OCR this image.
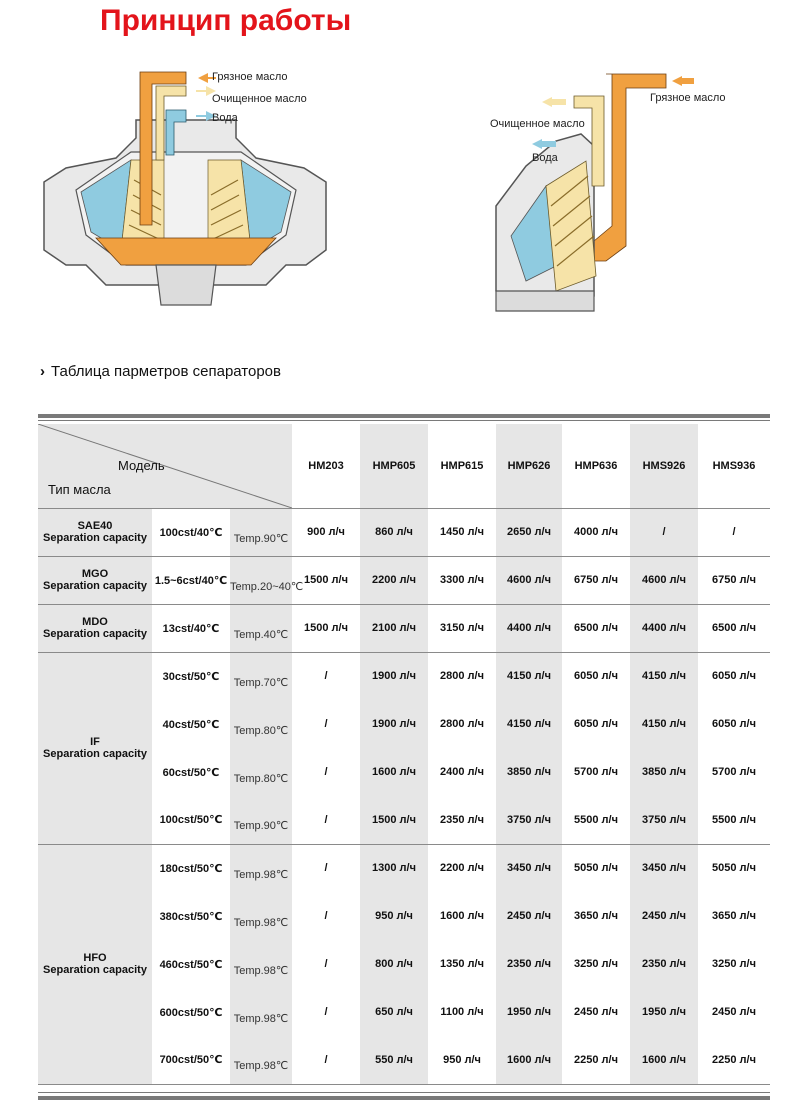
Принцип работы
Грязное масло
Очищенное масло
Вода
Грязное масло
Очищенное масло
Вода
› Таблица парметров сепараторов
Модель
Тип масла			HM203	HMP605	HMP615	HMP626	HMP636	HMS926	HMS936

SAE40
Separation capacity	100cst/40℃	Temp.90℃	900 л/ч	860 л/ч	1450 л/ч	2650 л/ч	4000 л/ч	/	/

MGO
Separation capacity	1.5~6cst/40℃	Temp.20~40℃	1500 л/ч	2200 л/ч	3300 л/ч	4600 л/ч	6750 л/ч	4600 л/ч	6750 л/ч

MDO
Separation capacity	13cst/40℃	Temp.40℃	1500 л/ч	2100 л/ч	3150 л/ч	4400 л/ч	6500 л/ч	4400 л/ч	6500 л/ч

IF
Separation capacity	30cst/50℃	Temp.70℃	/	1900 л/ч	2800 л/ч	4150 л/ч	6050 л/ч	4150 л/ч	6050 л/ч
	40cst/50℃	Temp.80℃	/	1900 л/ч	2800 л/ч	4150 л/ч	6050 л/ч	4150 л/ч	6050 л/ч
	60cst/50℃	Temp.80℃	/	1600 л/ч	2400 л/ч	3850 л/ч	5700 л/ч	3850 л/ч	5700 л/ч
	100cst/50℃	Temp.90℃	/	1500 л/ч	2350 л/ч	3750 л/ч	5500 л/ч	3750 л/ч	5500 л/ч

HFO
Separation capacity	180cst/50℃	Temp.98℃	/	1300 л/ч	2200 л/ч	3450 л/ч	5050 л/ч	3450 л/ч	5050 л/ч
	380cst/50℃	Temp.98℃	/	950 л/ч	1600 л/ч	2450 л/ч	3650 л/ч	2450 л/ч	3650 л/ч
	460cst/50℃	Temp.98℃	/	800 л/ч	1350 л/ч	2350 л/ч	3250 л/ч	2350 л/ч	3250 л/ч
	600cst/50℃	Temp.98℃	/	650 л/ч	1100 л/ч	1950 л/ч	2450 л/ч	1950 л/ч	2450 л/ч
	700cst/50℃	Temp.98℃	/	550 л/ч	950 л/ч	1600 л/ч	2250 л/ч	1600 л/ч	2250 л/ч
